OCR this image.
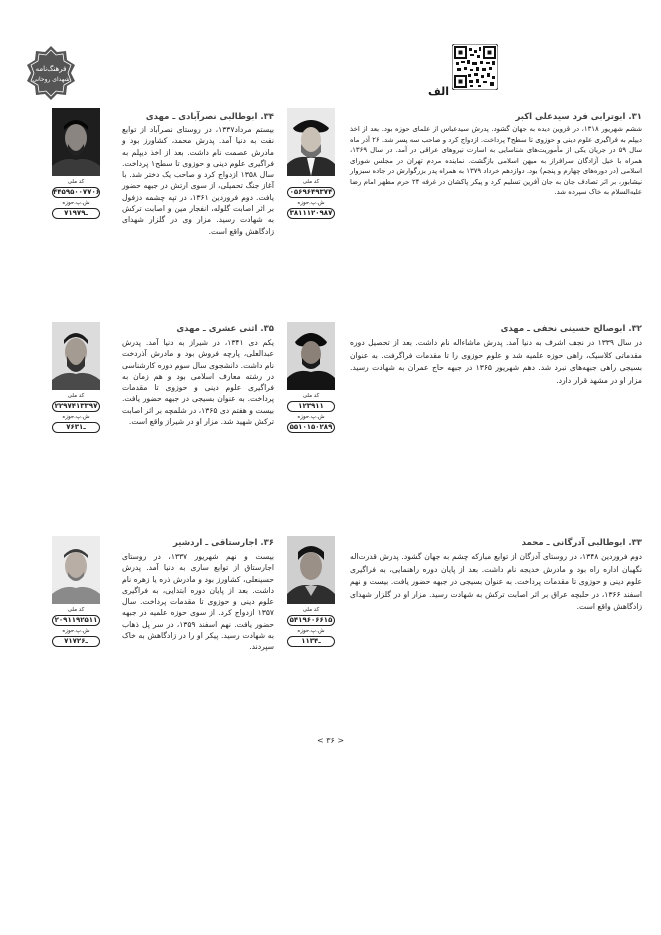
الف
فرهنگ‌نامه
شهدای روحانی
۳۱. ابوترابی فرد سیدعلی اکبر
ششم شهریور ۱۳۱۸، در قزوین دیده به جهان گشود. پدرش سیدعباس از علمای حوزه بود. بعد از اخذ دیپلم به فراگیری علوم دینی و حوزوی تا سطح۴ پرداخت. ازدواج کرد و صاحب سه پسر شد. ۲۶ آذر ماه سال ۵۹ در جریان یکی از مأموریت‌های شناسایی به اسارت نیروهای عراقی در آمد. در سال ۱۳۶۹، همراه با خیل آزادگان سرافراز به میهن اسلامی بازگشت. نماینده مردم تهران در مجلس شورای اسلامی (در دوره‌های چهارم و پنجم) بود. دوازدهم خرداد ۱۳۷۹ به همراه پدر بزرگوارش در جاده سبزوار نیشابور، بر اثر تصادف جان به جان آفرین تسلیم کرد و پیکر پاکشان در غرفه ۲۴ حرم مطهر امام رضا علیه‌السلام به خاک سپرده شد.
کد ملی
۰۵۶۹۶۴۹۳۷۴
ش.پ.حوزه
۳۸۱۱۱۲۰۹۸۷
۳۴. ابوطالبی نصرآبادی ـ مهدی
بیستم مرداد۱۳۳۷، در روستای نصرآباد از توابع نفت به دنیا آمد. پدرش محمد، کشاورز بود و مادرش عصمت نام داشت. بعد از اخذ دیپلم به فراگیری علوم دینی و حوزوی تا سطح۱ پرداخت. سال ۱۳۵۸ ازدواج کرد و صاحب یک دختر شد. با آغاز جنگ تحمیلی، از سوی ارتش در جبهه حضور یافت. دوم فروردین ۱۳۶۱، در تپه چشمه دزفول بر اثر اصابت گلوله، انفجار مین و اصابت ترکش به شهادت رسید. مزار وی در گلزار شهدای زادگاهش واقع است.
کد ملی
۴۴۵۹۵۰۰۷۷۰۶
ش.پ.حوزه
۷ـ۱۹۷۹
۳۲. ابوصالح حسینی نحفی ـ مهدی
در سال ۱۳۳۹ در نجف اشرف به دنیا آمد. پدرش ماشاءاله نام داشت. بعد از تحصیل دوره مقدماتی کلاسیک، راهی حوزه علمیه شد و علوم حوزوی را تا مقدمات فراگرفت. به عنوان بسیجی راهی جبهه‌های نبرد شد. دهم شهریور ۱۳۶۵ در جبهه حاج عمران به شهادت رسید. مزار او در مشهد قرار دارد.
کد ملی
۱۲۳۹۱۱
ش.پ.حوزه
۵۵۱۰۱۵۰۲۸۹
۳۵. اثنی عشری ـ مهدی
یکم دی ۱۳۴۱، در شیراز به دنیا آمد. پدرش عبدالعلی، پارچه فروش بود و مادرش آذردخت نام داشت. دانشجوی سال سوم دوره کارشناسی در رشته معارف اسلامی بود و هم زمان به فراگیری علوم دینی و حوزوی تا مقدمات پرداخت. به عنوان بسیجی در جبهه حضور یافت. بیست و هفتم دی ۱۳۶۵، در شلمچه بر اثر اصابت ترکش شهید شد. مزار او در شیراز واقع است.
کد ملی
۲۲۹۷۴۱۳۳۹۷
ش.پ.حوزه
۷ـ۶۳۱
۳۳. ابوطالبی آدرگانی ـ محمد
دوم فروردین ۱۳۴۸، در روستای آدرگان از توابع مبارکه چشم به جهان گشود. پدرش قدرت‌اله نگهبان اداره راه بود و مادرش خدیجه نام داشت. بعد از پایان دوره راهنمایی، به فراگیری علوم دینی و حوزوی تا مقدمات پرداخت. به عنوان بسیجی در جبهه حضور یافت. بیست و نهم اسفند ۱۳۶۶، در حلبچه عراق بر اثر اصابت ترکش به شهادت رسید. مزار او در گلزار شهدای زادگاهش واقع است.
کد ملی
۵۴۱۹۶۰۶۶۱۵
ش.پ.حوزه
۱ـ۱۳۴
۳۶. اجارستاقی ـ اردشیر
بیست و نهم شهریور ۱۳۳۷، در روستای اجارستاق از توابع ساری به دنیا آمد. پدرش حسینعلی، کشاورز بود و مادرش ذره یا زهره نام داشت. بعد از پایان دوره ابتدایی، به فراگیری علوم دینی و حوزوی تا مقدمات پرداخت. سال ۱۳۵۷ ازدواج کرد. از سوی حوزه علمیه در جبهه حضور یافت. نهم اسفند ۱۳۵۹، در سر پل ذهاب به شهادت رسید. پیکر او را در زادگاهش به خاک سپردند.
کد ملی
۲۰۹۱۱۹۲۵۱۱
ش.پ.حوزه
۷ـ۱۷۲۶
< ۳۶ >
